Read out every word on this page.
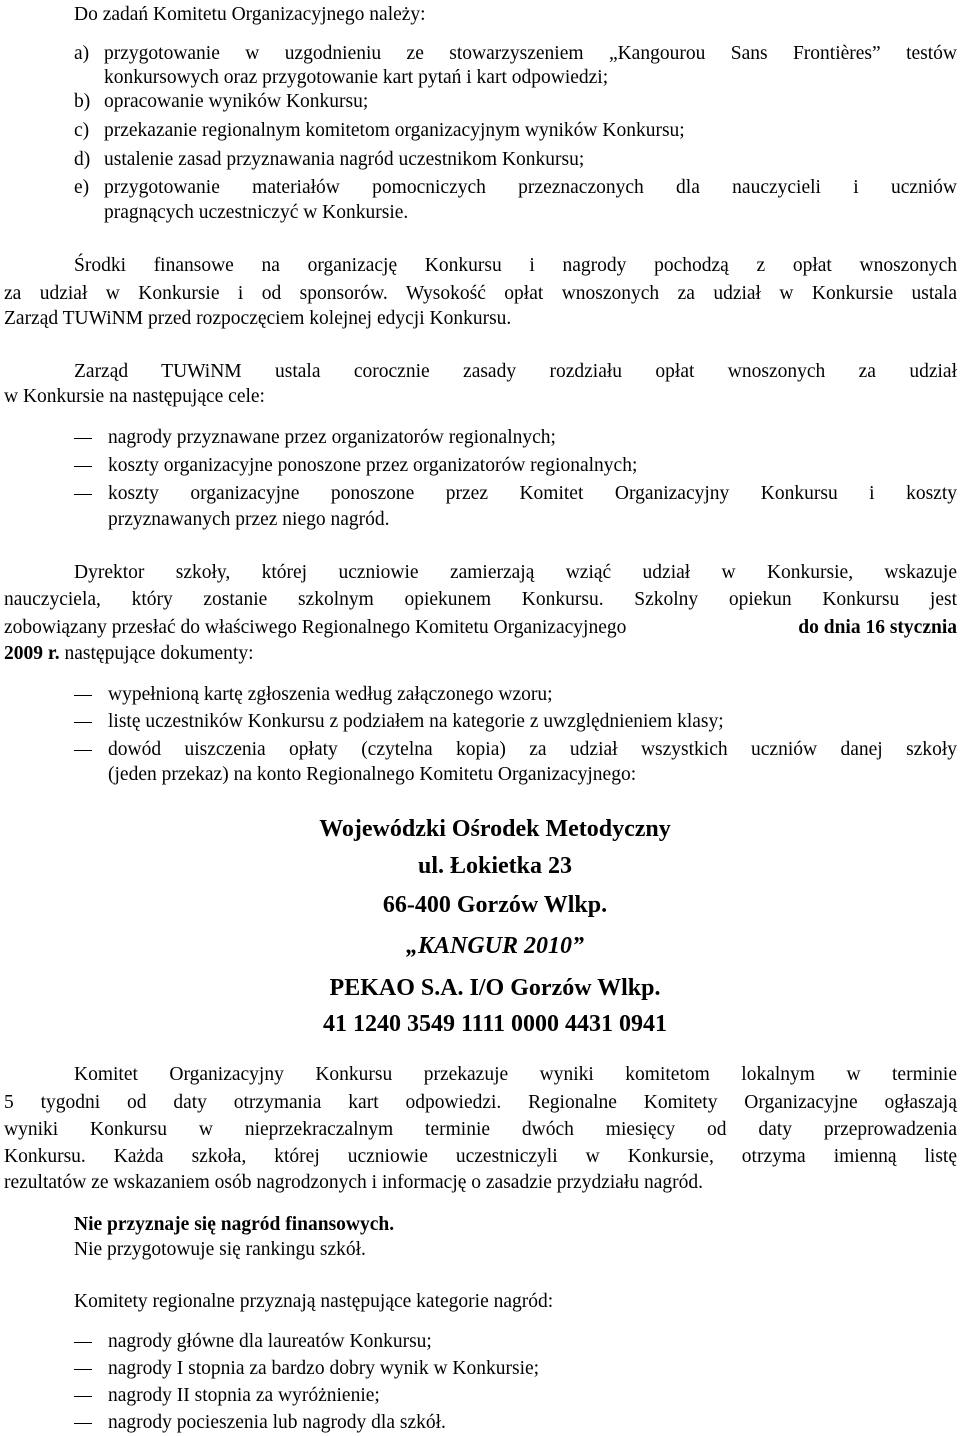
Do zadań Komitetu Organizacyjnego należy:
a) przygotowanie w uzgodnieniu ze stowarzyszeniem „Kangourou Sans Frontières” testów
konkursowych oraz przygotowanie kart pytań i kart odpowiedzi;
b) opracowanie wyników Konkursu;
c) przekazanie regionalnym komitetom organizacyjnym wyników Konkursu;
d) ustalenie zasad przyznawania nagród uczestnikom Konkursu;
e) przygotowanie materiałów pomocniczych przeznaczonych dla nauczycieli i uczniów
pragnących uczestniczyć w Konkursie.
Środki finansowe na organizację Konkursu i nagrody pochodzą z opłat wnoszonych
za udział w Konkursie i od sponsorów. Wysokość opłat wnoszonych za udział w Konkursie ustala
Zarząd TUWiNM przed rozpoczęciem kolejnej edycji Konkursu.
Zarząd TUWiNM ustala corocznie zasady rozdziału opłat wnoszonych za udział
w Konkursie na następujące cele:
nagrody przyznawane przez organizatorów regionalnych;
koszty organizacyjne ponoszone przez organizatorów regionalnych;
koszty organizacyjne ponoszone przez Komitet Organizacyjny Konkursu i koszty
przyznawanych przez niego nagród.
Dyrektor szkoły, której uczniowie zamierzają wziąć udział w Konkursie, wskazuje
nauczyciela, który zostanie szkolnym opiekunem Konkursu. Szkolny opiekun Konkursu jest
zobowiązany przesłać do właściwego Regionalnego Komitetu Organizacyjnego	do dnia 16 stycznia
2009 r. następujące dokumenty:
wypełnioną kartę zgłoszenia według załączonego wzoru;
listę uczestników Konkursu z podziałem na kategorie z uwzględnieniem klasy;
dowód uiszczenia opłaty (czytelna kopia) za udział wszystkich uczniów danej szkoły
(jeden przekaz) na konto Regionalnego Komitetu Organizacyjnego:
Wojewódzki Ośrodek Metodyczny
ul. Łokietka 23
66-400 Gorzów Wlkp.
„KANGUR 2010”
PEKAO S.A. I/O Gorzów Wlkp.
41 1240 3549 1111 0000 4431 0941
Komitet Organizacyjny Konkursu przekazuje wyniki komitetom lokalnym w terminie
5 tygodni od daty otrzymania kart odpowiedzi. Regionalne Komitety Organizacyjne ogłaszają
wyniki Konkursu w nieprzekraczalnym terminie dwóch miesięcy od daty przeprowadzenia
Konkursu. Każda szkoła, której uczniowie uczestniczyli w Konkursie, otrzyma imienną listę
rezultatów ze wskazaniem osób nagrodzonych i informację o zasadzie przydziału nagród.
Nie przyznaje się nagród finansowych.
Nie przygotowuje się rankingu szkół.
Komitety regionalne przyznają następujące kategorie nagród:
nagrody główne dla laureatów Konkursu;
nagrody I stopnia za bardzo dobry wynik w Konkursie;
nagrody II stopnia za wyróżnienie;
nagrody pocieszenia lub nagrody dla szkół.
